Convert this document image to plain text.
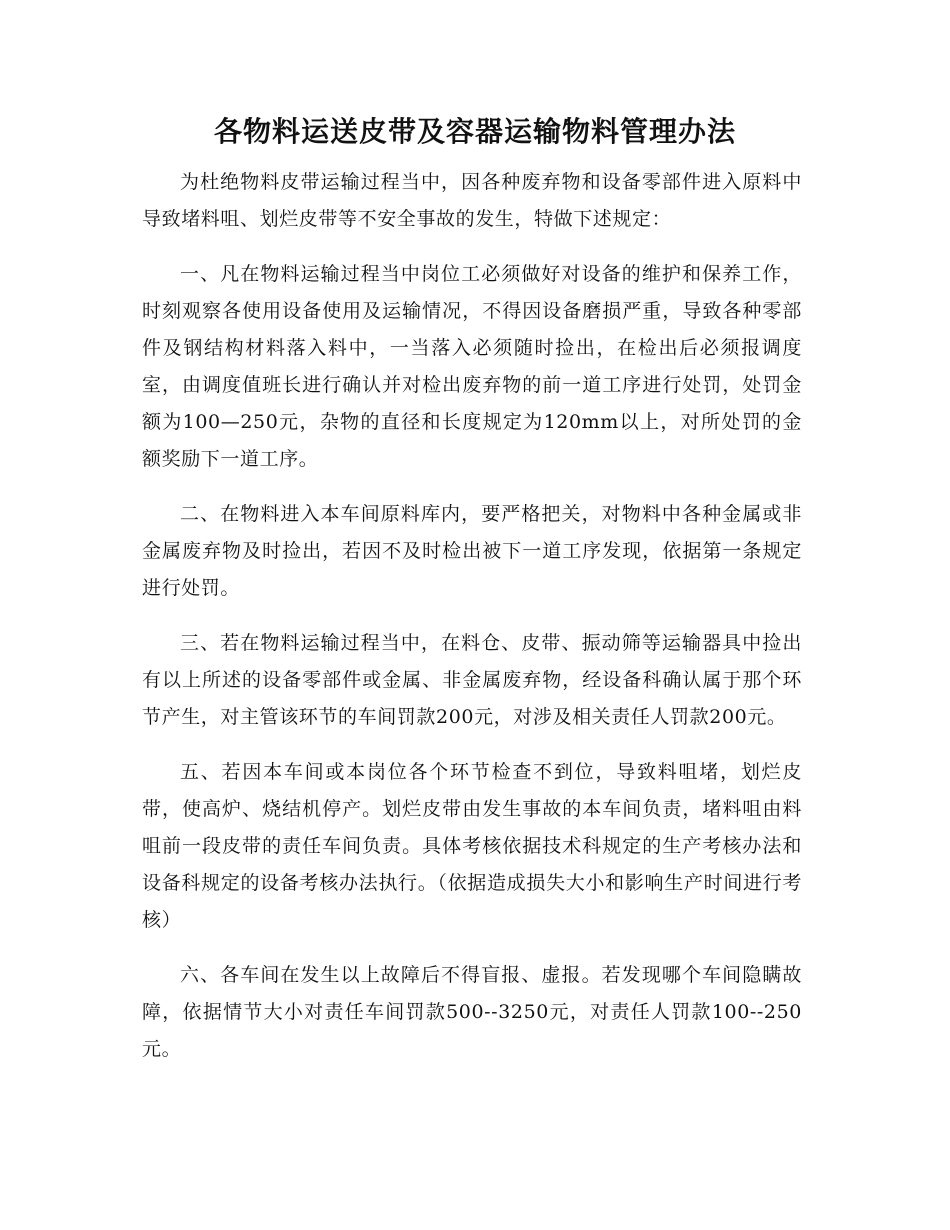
各物料运送皮带及容器运输物料管理办法

为杜绝物料皮带运输过程当中，因各种废弃物和设备零部件进入原料中导致堵料咀、划烂皮带等不安全事故的发生，特做下述规定：

一、凡在物料运输过程当中岗位工必须做好对设备的维护和保养工作，时刻观察各使用设备使用及运输情况，不得因设备磨损严重，导致各种零部件及钢结构材料落入料中，一当落入必须随时捡出，在检出后必须报调度室，由调度值班长进行确认并对检出废弃物的前一道工序进行处罚，处罚金额为100—250元，杂物的直径和长度规定为120mm以上，对所处罚的金额奖励下一道工序。

二、在物料进入本车间原料库内，要严格把关，对物料中各种金属或非金属废弃物及时捡出，若因不及时检出被下一道工序发现，依据第一条规定进行处罚。

三、若在物料运输过程当中，在料仓、皮带、振动筛等运输器具中捡出有以上所述的设备零部件或金属、非金属废弃物，经设备科确认属于那个环节产生，对主管该环节的车间罚款200元，对涉及相关责任人罚款200元。

五、若因本车间或本岗位各个环节检查不到位，导致料咀堵，划烂皮带，使高炉、烧结机停产。划烂皮带由发生事故的本车间负责，堵料咀由料咀前一段皮带的责任车间负责。具体考核依据技术科规定的生产考核办法和设备科规定的设备考核办法执行。（依据造成损失大小和影响生产时间进行考核）

六、各车间在发生以上故障后不得盲报、虚报。若发现哪个车间隐瞒故障，依据情节大小对责任车间罚款500--3250元，对责任人罚款100--250元。
